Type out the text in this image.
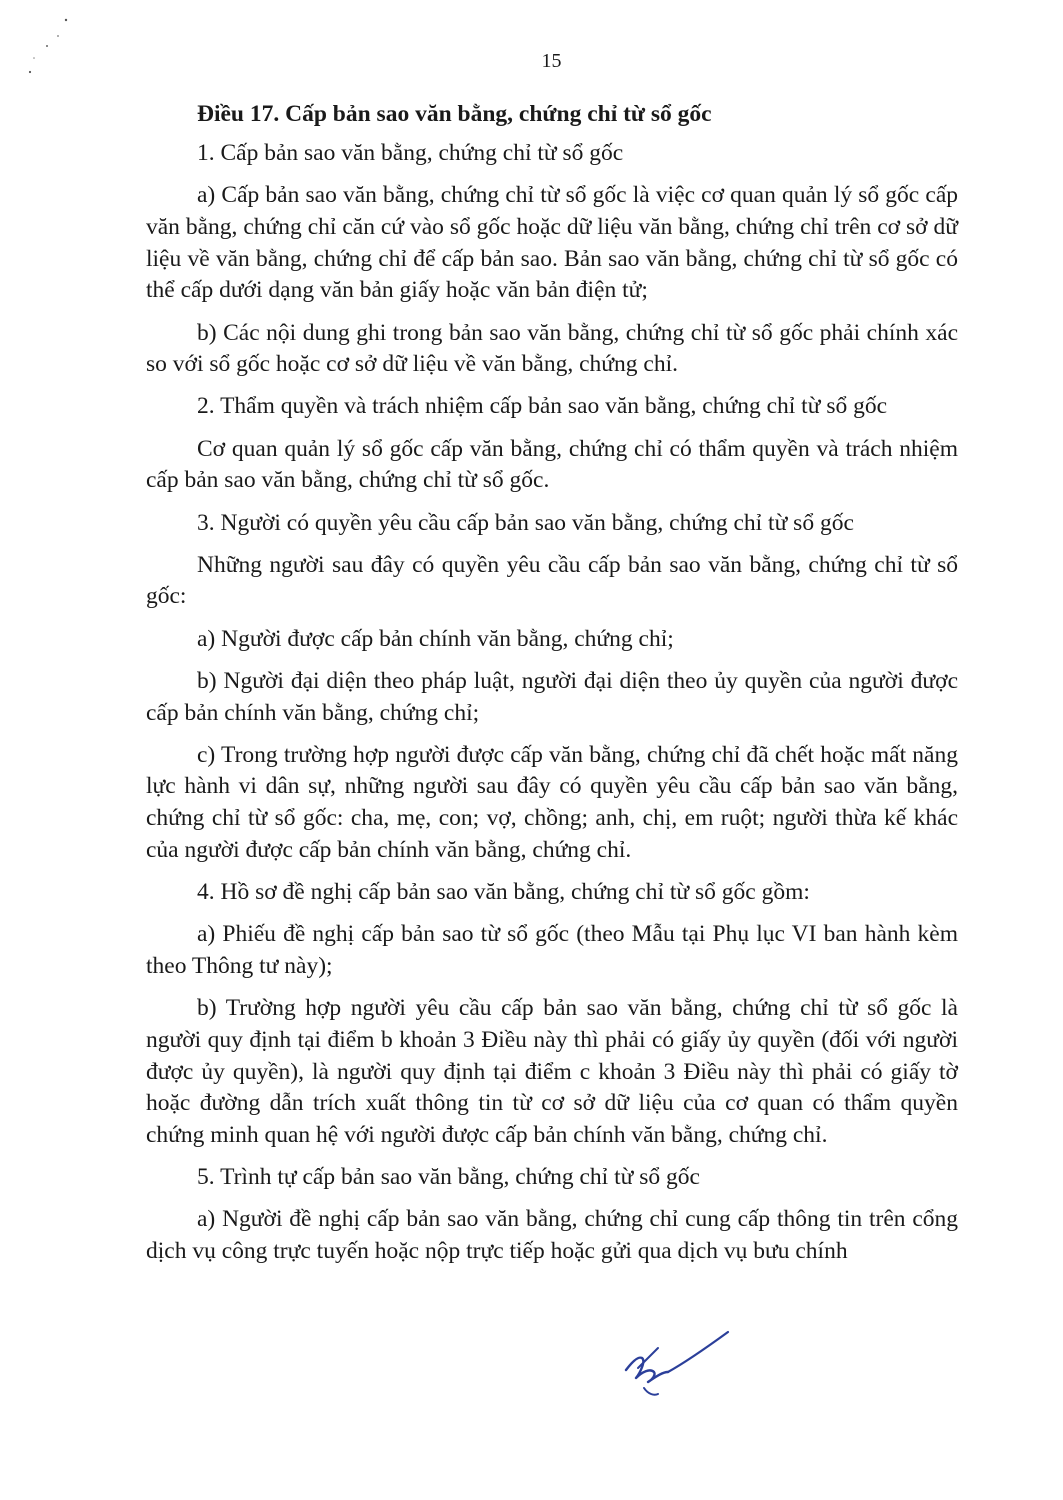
15
Điều 17. Cấp bản sao văn bằng, chứng chỉ từ sổ gốc

1. Cấp bản sao văn bằng, chứng chỉ từ sổ gốc

a) Cấp bản sao văn bằng, chứng chỉ từ sổ gốc là việc cơ quan quản lý sổ gốc cấp văn bằng, chứng chỉ căn cứ vào sổ gốc hoặc dữ liệu văn bằng, chứng chỉ trên cơ sở dữ liệu về văn bằng, chứng chỉ để cấp bản sao. Bản sao văn bằng, chứng chỉ từ sổ gốc có thể cấp dưới dạng văn bản giấy hoặc văn bản điện tử;

b) Các nội dung ghi trong bản sao văn bằng, chứng chỉ từ sổ gốc phải chính xác so với sổ gốc hoặc cơ sở dữ liệu về văn bằng, chứng chỉ.

2. Thẩm quyền và trách nhiệm cấp bản sao văn bằng, chứng chỉ từ sổ gốc

Cơ quan quản lý sổ gốc cấp văn bằng, chứng chỉ có thẩm quyền và trách nhiệm cấp bản sao văn bằng, chứng chỉ từ sổ gốc.

3. Người có quyền yêu cầu cấp bản sao văn bằng, chứng chỉ từ sổ gốc

Những người sau đây có quyền yêu cầu cấp bản sao văn bằng, chứng chỉ từ sổ gốc:

a) Người được cấp bản chính văn bằng, chứng chỉ;

b) Người đại diện theo pháp luật, người đại diện theo ủy quyền của người được cấp bản chính văn bằng, chứng chỉ;

c) Trong trường hợp người được cấp văn bằng, chứng chỉ đã chết hoặc mất năng lực hành vi dân sự, những người sau đây có quyền yêu cầu cấp bản sao văn bằng, chứng chỉ từ sổ gốc: cha, mẹ, con; vợ, chồng; anh, chị, em ruột; người thừa kế khác của người được cấp bản chính văn bằng, chứng chỉ.

4. Hồ sơ đề nghị cấp bản sao văn bằng, chứng chỉ từ sổ gốc gồm:

a) Phiếu đề nghị cấp bản sao từ sổ gốc (theo Mẫu tại Phụ lục VI ban hành kèm theo Thông tư này);

b) Trường hợp người yêu cầu cấp bản sao văn bằng, chứng chỉ từ sổ gốc là người quy định tại điểm b khoản 3 Điều này thì phải có giấy ủy quyền (đối với người được ủy quyền), là người quy định tại điểm c khoản 3 Điều này thì phải có giấy tờ hoặc đường dẫn trích xuất thông tin từ cơ sở dữ liệu của cơ quan có thẩm quyền chứng minh quan hệ với người được cấp bản chính văn bằng, chứng chỉ.

5. Trình tự cấp bản sao văn bằng, chứng chỉ từ sổ gốc

a) Người đề nghị cấp bản sao văn bằng, chứng chỉ cung cấp thông tin trên cổng dịch vụ công trực tuyến hoặc nộp trực tiếp hoặc gửi qua dịch vụ bưu chính
